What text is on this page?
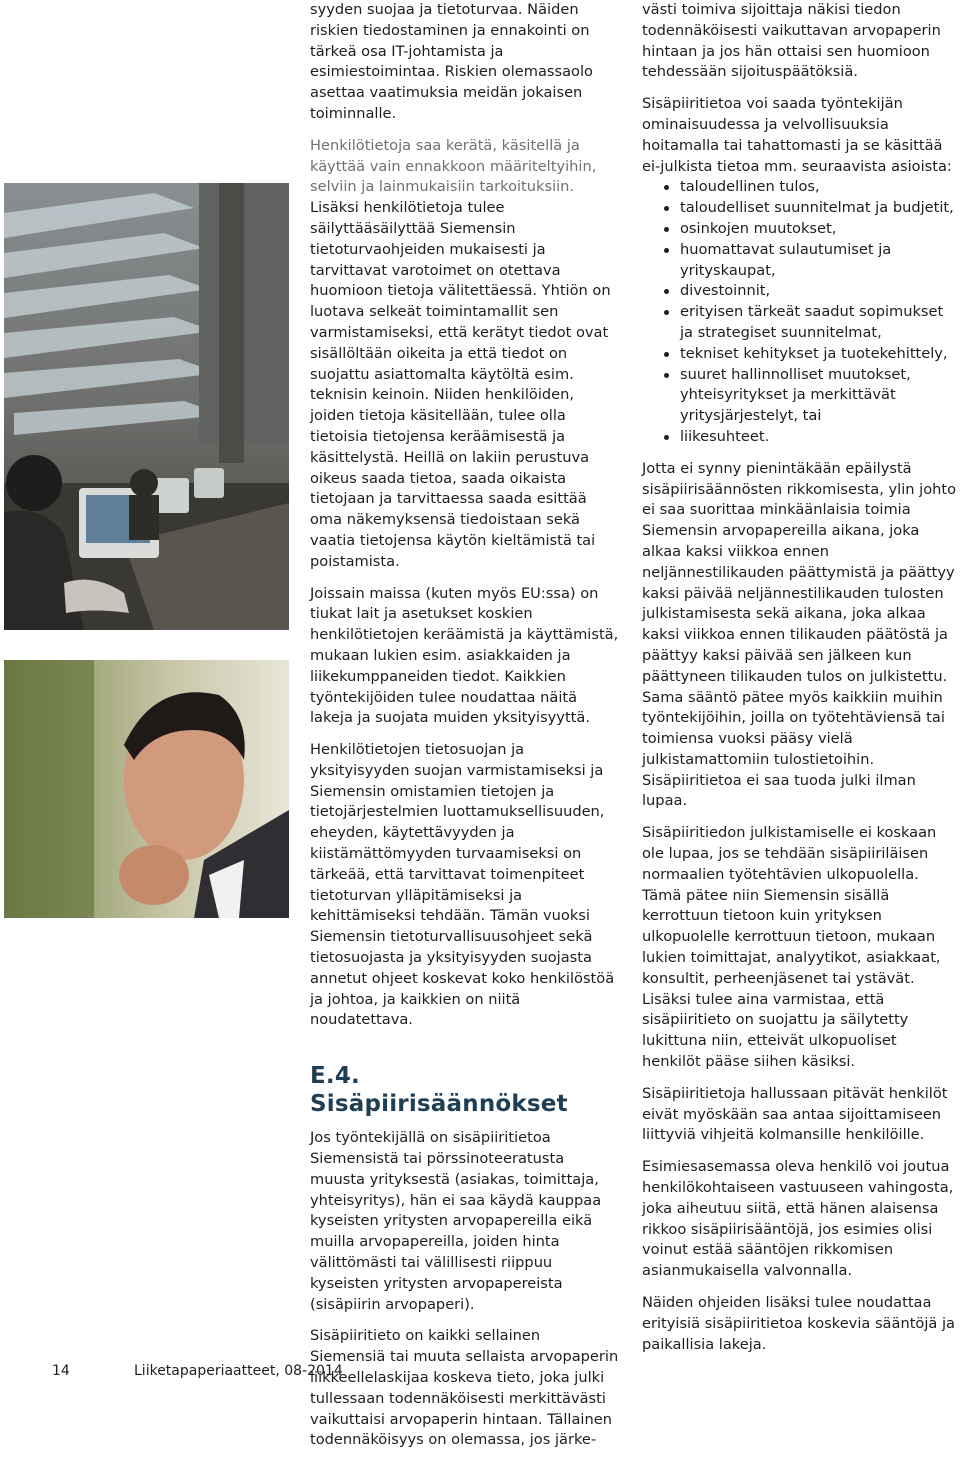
syyden suojaa ja tietoturvaa. Näiden riskien tiedostaminen ja ennakointi on tärkeä osa IT-johtamista ja esimiestoimintaa. Riskien olemassaolo asettaa vaatimuksia meidän jokaisen toiminnalle.

Henkilötietoja saa kerätä, käsitellä ja käyttää vain ennakkoon määriteltyihin, selviin ja lainmukaisiin tarkoituksiin. Lisäksi henkilötietoja tulee säilyttääsäilyttää Siemensin tietoturvaohjeiden mukaisesti ja tarvittavat varotoimet on otettava huomioon tietoja välitettäessä. Yhtiön on luotava selkeät toimintamallit sen varmistamiseksi, että kerätyt tiedot ovat sisällöltään oikeita ja että tiedot on suojattu asiattomalta käytöltä esim. teknisin keinoin. Niiden henkilöiden, joiden tietoja käsitellään, tulee olla tietoisia tietojensa keräämisestä ja käsittelystä. Heillä on lakiin perustuva oikeus saada tietoa, saada oikaista tietojaan ja tarvittaessa saada esittää oma näkemyksensä tiedoistaan sekä vaatia tietojensa käytön kieltämistä tai poistamista.

Joissain maissa (kuten myös EU:ssa) on tiukat lait ja asetukset koskien henkilötietojen keräämistä ja käyttämistä, mukaan lukien esim. asiakkaiden ja liikekumppaneiden tiedot. Kaikkien työntekijöiden tulee noudattaa näitä lakeja ja suojata muiden yksityisyyttä.

Henkilötietojen tietosuojan ja yksityisyyden suojan varmistamiseksi ja Siemensin omistamien tietojen ja tietojärjestelmien luottamuksellisuuden, eheyden, käytettävyyden ja kiistämättömyyden turvaamiseksi on tärkeää, että tarvittavat toimenpiteet tietoturvan ylläpitämiseksi ja kehittämiseksi tehdään. Tämän vuoksi Siemensin tietoturvallisuusohjeet sekä tietosuojasta ja yksityisyyden suojasta annetut ohjeet koskevat koko henkilöstöä ja johtoa, ja kaikkien on niitä noudatettava.

E.4. Sisäpiirisäännökset

Jos työntekijällä on sisäpiiritietoa Siemensistä tai pörssinoteeratusta muusta yrityksestä (asiakas, toimittaja, yhteisyritys), hän ei saa käydä kauppaa kyseisten yritysten arvopapereilla eikä muilla arvopapereilla, joiden hinta välittömästi tai välillisesti riippuu kyseisten yritysten arvopapereista (sisäpiirin arvopaperi).

Sisäpiiritieto on kaikki sellainen Siemensiä tai muuta sellaista arvopaperin liikkeellelaskijaa koskeva tieto, joka julki tullessaan todennäköisesti merkittävästi vaikuttaisi arvopaperin hintaan. Tällainen todennäköisyys on olemassa, jos järke-

västi toimiva sijoittaja näkisi tiedon todennäköisesti vaikuttavan arvopaperin hintaan ja jos hän ottaisi sen huomioon tehdessään sijoituspäätöksiä.

Sisäpiiritietoa voi saada työntekijän ominaisuudessa ja velvollisuuksia hoitamalla tai tahattomasti ja se käsittää ei-julkista tietoa mm. seuraavista asioista:

taloudellinen tulos,
taloudelliset suunnitelmat ja budjetit,
osinkojen muutokset,
huomattavat sulautumiset ja yrityskaupat,
divestoinnit,
erityisen tärkeät saadut sopimukset ja strategiset suunnitelmat,
tekniset kehitykset ja tuotekehittely,
suuret hallinnolliset muutokset, yhteisyritykset ja merkittävät yritysjärjestelyt, tai
liikesuhteet.

Jotta ei synny pienintäkään epäilystä sisäpiirisäännösten rikkomisesta, ylin johto ei saa suorittaa minkäänlaisia toimia Siemensin arvopapereilla aikana, joka alkaa kaksi viikkoa ennen neljännestilikauden päättymistä ja päättyy kaksi päivää neljännestilikauden tulosten julkistamisesta sekä aikana, joka alkaa kaksi viikkoa ennen tilikauden päätöstä ja päättyy kaksi päivää sen jälkeen kun päättyneen tilikauden tulos on julkistettu. Sama sääntö pätee myös kaikkiin muihin työntekijöihin, joilla on työtehtäviensä tai toimiensa vuoksi pääsy vielä julkistamattomiin tulostietoihin. Sisäpiiritietoa ei saa tuoda julki ilman lupaa.

Sisäpiiritiedon julkistamiselle ei koskaan ole lupaa, jos se tehdään sisäpiiriläisen normaalien työtehtävien ulkopuolella. Tämä pätee niin Siemensin sisällä kerrottuun tietoon kuin yrityksen ulkopuolelle kerrottuun tietoon, mukaan lukien toimittajat, analyytikot, asiakkaat, konsultit, perheenjäsenet tai ystävät. Lisäksi tulee aina varmistaa, että sisäpiiritieto on suojattu ja säilytetty lukittuna niin, etteivät ulkopuoliset henkilöt pääse siihen käsiksi.

Sisäpiiritietoja hallussaan pitävät henkilöt eivät myöskään saa antaa sijoittamiseen liittyviä vihjeitä kolmansille henkilöille.

Esimiesasemassa oleva henkilö voi joutua henkilökohtaiseen vastuuseen vahingosta, joka aiheutuu siitä, että hänen alaisensa rikkoo sisäpiirisääntöjä, jos esimies olisi voinut estää sääntöjen rikkomisen asianmukaisella valvonnalla.

Näiden ohjeiden lisäksi tulee noudattaa erityisiä sisäpiiritietoa koskevia sääntöjä ja paikallisia lakeja.

14	Liiketapaperiaatteet, 08-2014
